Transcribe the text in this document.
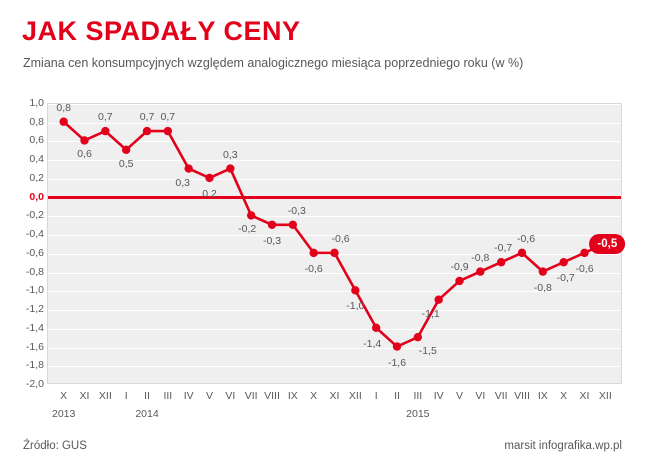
JAK SPADAŁY CENY
Zmiana cen konsumpcyjnych względem analogicznego miesiąca poprzedniego roku (w %)
Źródło: GUS	marsit infografika.wp.pl
1,0
0,8
0,6
0,4
0,2
0,0
-0,2
-0,4
-0,6
-0,8
-1,0
-1,2
-1,4
-1,6
-1,8
-2,0
0,8
0,6
0,7
0,5
0,7 0,7
0,3
0,2
0,3
-0,2
-0,3
-0,3
-0,6
-0,6
-1,0
-1,4
-1,6
-1,5
-1,1
-0,9
-0,8
-0,7
-0,6
-0,8
-0,7
-0,6
-0,5
X XI XII I II III IV V VI VII VIII IX X XI XII I II III IV V VI VII VIII IX X XI XII
2013	2014	2015
